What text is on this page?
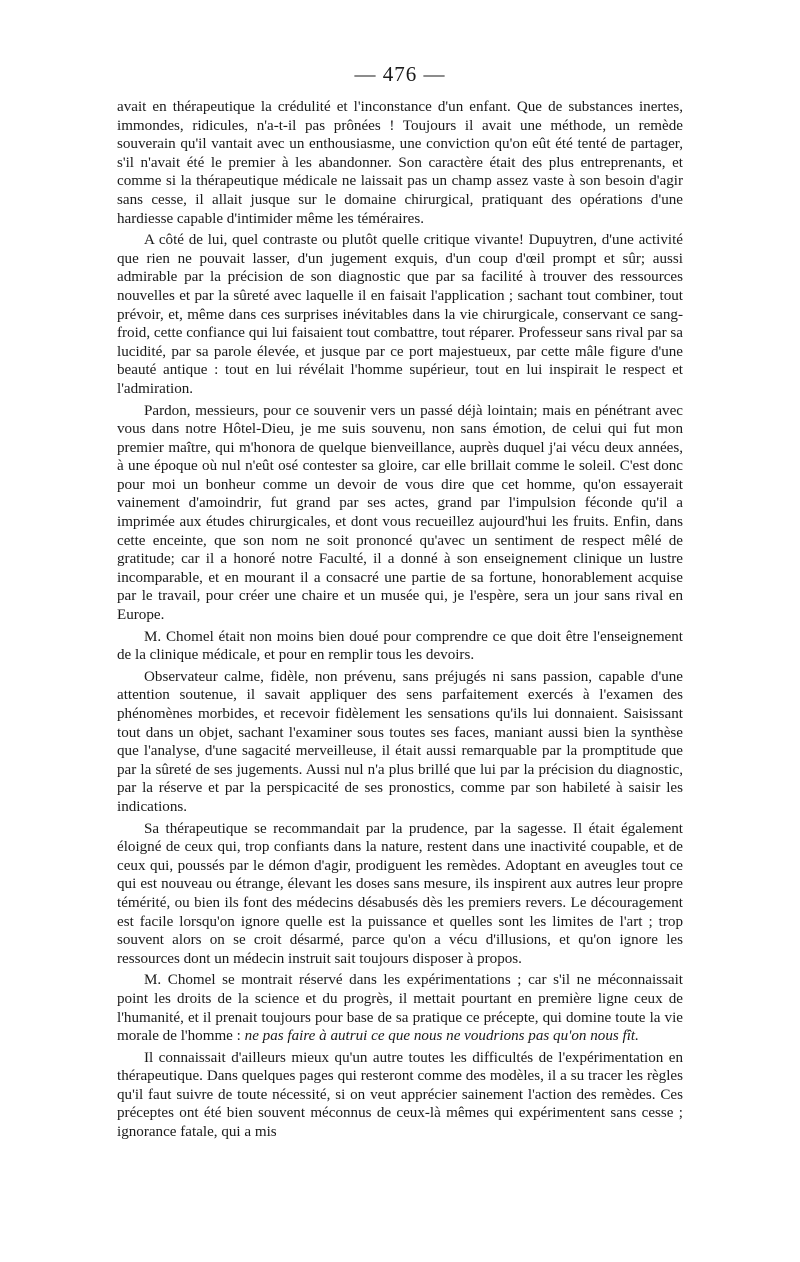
— 476 —

avait en thérapeutique la crédulité et l'inconstance d'un enfant. Que de substances inertes, immondes, ridicules, n'a-t-il pas prônées ! Toujours il avait une méthode, un remède souverain qu'il vantait avec un enthousiasme, une conviction qu'on eût été tenté de partager, s'il n'avait été le premier à les abandonner. Son caractère était des plus entreprenants, et comme si la thérapeutique médicale ne laissait pas un champ assez vaste à son besoin d'agir sans cesse, il allait jusque sur le domaine chirurgical, pratiquant des opérations d'une hardiesse capable d'intimider même les téméraires.

A côté de lui, quel contraste ou plutôt quelle critique vivante! Dupuytren, d'une activité que rien ne pouvait lasser, d'un jugement exquis, d'un coup d'œil prompt et sûr; aussi admirable par la précision de son diagnostic que par sa facilité à trouver des ressources nouvelles et par la sûreté avec laquelle il en faisait l'application ; sachant tout combiner, tout prévoir, et, même dans ces surprises inévitables dans la vie chirurgicale, conservant ce sang-froid, cette confiance qui lui faisaient tout combattre, tout réparer. Professeur sans rival par sa lucidité, par sa parole élevée, et jusque par ce port majestueux, par cette mâle figure d'une beauté antique : tout en lui révélait l'homme supérieur, tout en lui inspirait le respect et l'admiration.

Pardon, messieurs, pour ce souvenir vers un passé déjà lointain; mais en pénétrant avec vous dans notre Hôtel-Dieu, je me suis souvenu, non sans émotion, de celui qui fut mon premier maître, qui m'honora de quelque bienveillance, auprès duquel j'ai vécu deux années, à une époque où nul n'eût osé contester sa gloire, car elle brillait comme le soleil. C'est donc pour moi un bonheur comme un devoir de vous dire que cet homme, qu'on essayerait vainement d'amoindrir, fut grand par ses actes, grand par l'impulsion féconde qu'il a imprimée aux études chirurgicales, et dont vous recueillez aujourd'hui les fruits. Enfin, dans cette enceinte, que son nom ne soit prononcé qu'avec un sentiment de respect mêlé de gratitude; car il a honoré notre Faculté, il a donné à son enseignement clinique un lustre incomparable, et en mourant il a consacré une partie de sa fortune, honorablement acquise par le travail, pour créer une chaire et un musée qui, je l'espère, sera un jour sans rival en Europe.

M. Chomel était non moins bien doué pour comprendre ce que doit être l'enseignement de la clinique médicale, et pour en remplir tous les devoirs.

Observateur calme, fidèle, non prévenu, sans préjugés ni sans passion, capable d'une attention soutenue, il savait appliquer des sens parfaitement exercés à l'examen des phénomènes morbides, et recevoir fidèlement les sensations qu'ils lui donnaient. Saisissant tout dans un objet, sachant l'examiner sous toutes ses faces, maniant aussi bien la synthèse que l'analyse, d'une sagacité merveilleuse, il était aussi remarquable par la promptitude que par la sûreté de ses jugements. Aussi nul n'a plus brillé que lui par la précision du diagnostic, par la réserve et par la perspicacité de ses pronostics, comme par son habileté à saisir les indications.

Sa thérapeutique se recommandait par la prudence, par la sagesse. Il était également éloigné de ceux qui, trop confiants dans la nature, restent dans une inactivité coupable, et de ceux qui, poussés par le démon d'agir, prodiguent les remèdes. Adoptant en aveugles tout ce qui est nouveau ou étrange, élevant les doses sans mesure, ils inspirent aux autres leur propre témérité, ou bien ils font des médecins désabusés dès les premiers revers. Le découragement est facile lorsqu'on ignore quelle est la puissance et quelles sont les limites de l'art ; trop souvent alors on se croit désarmé, parce qu'on a vécu d'illusions, et qu'on ignore les ressources dont un médecin instruit sait toujours disposer à propos.

M. Chomel se montrait réservé dans les expérimentations ; car s'il ne méconnaissait point les droits de la science et du progrès, il mettait pourtant en première ligne ceux de l'humanité, et il prenait toujours pour base de sa pratique ce précepte, qui domine toute la vie morale de l'homme : ne pas faire à autrui ce que nous ne voudrions pas qu'on nous fît.

Il connaissait d'ailleurs mieux qu'un autre toutes les difficultés de l'expérimentation en thérapeutique. Dans quelques pages qui resteront comme des modèles, il a su tracer les règles qu'il faut suivre de toute nécessité, si on veut apprécier sainement l'action des remèdes. Ces préceptes ont été bien souvent méconnus de ceux-là mêmes qui expérimentent sans cesse ; ignorance fatale, qui a mis
